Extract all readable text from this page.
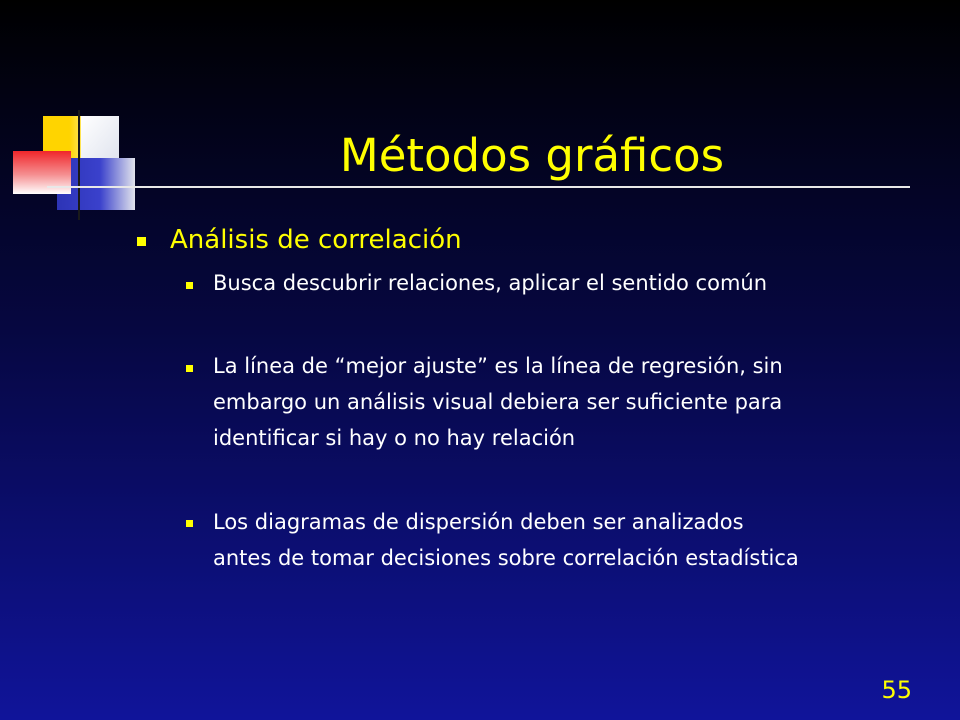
Métodos gráficos
Análisis de correlación
Busca descubrir relaciones, aplicar el sentido común
La línea de “mejor ajuste” es la línea de regresión, sin
embargo un análisis visual debiera ser suficiente para
identificar si hay o no hay relación
Los diagramas de dispersión deben ser analizados
antes de tomar decisiones sobre correlación estadística
55
